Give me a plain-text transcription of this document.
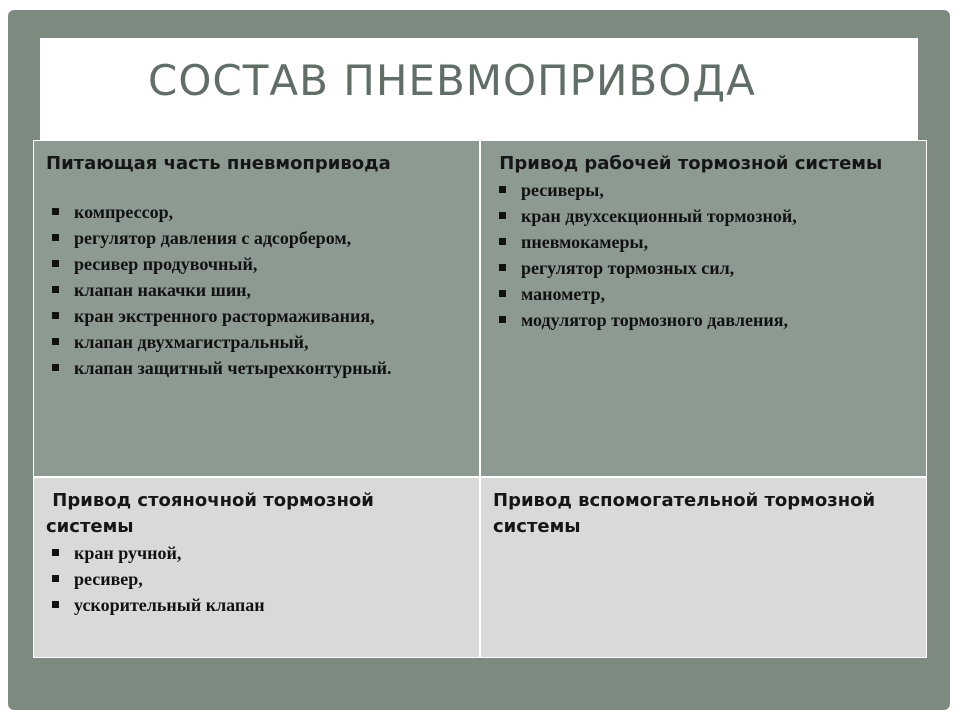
СОСТАВ ПНЕВМОПРИВОДА
Питающая часть пневмопривода
компрессор,
регулятор давления с адсорбером,
ресивер продувочный,
клапан накачки шин,
кран экстренного растормаживания,
клапан двухмагистральный,
клапан защитный четырехконтурный.
Привод рабочей тормозной системы
ресиверы,
кран двухсекционный тормозной,
пневмокамеры,
регулятор тормозных сил,
манометр,
модулятор тормозного давления,
Привод стояночной тормозной системы
кран ручной,
ресивер,
ускорительный клапан
Привод вспомогательной тормозной системы
